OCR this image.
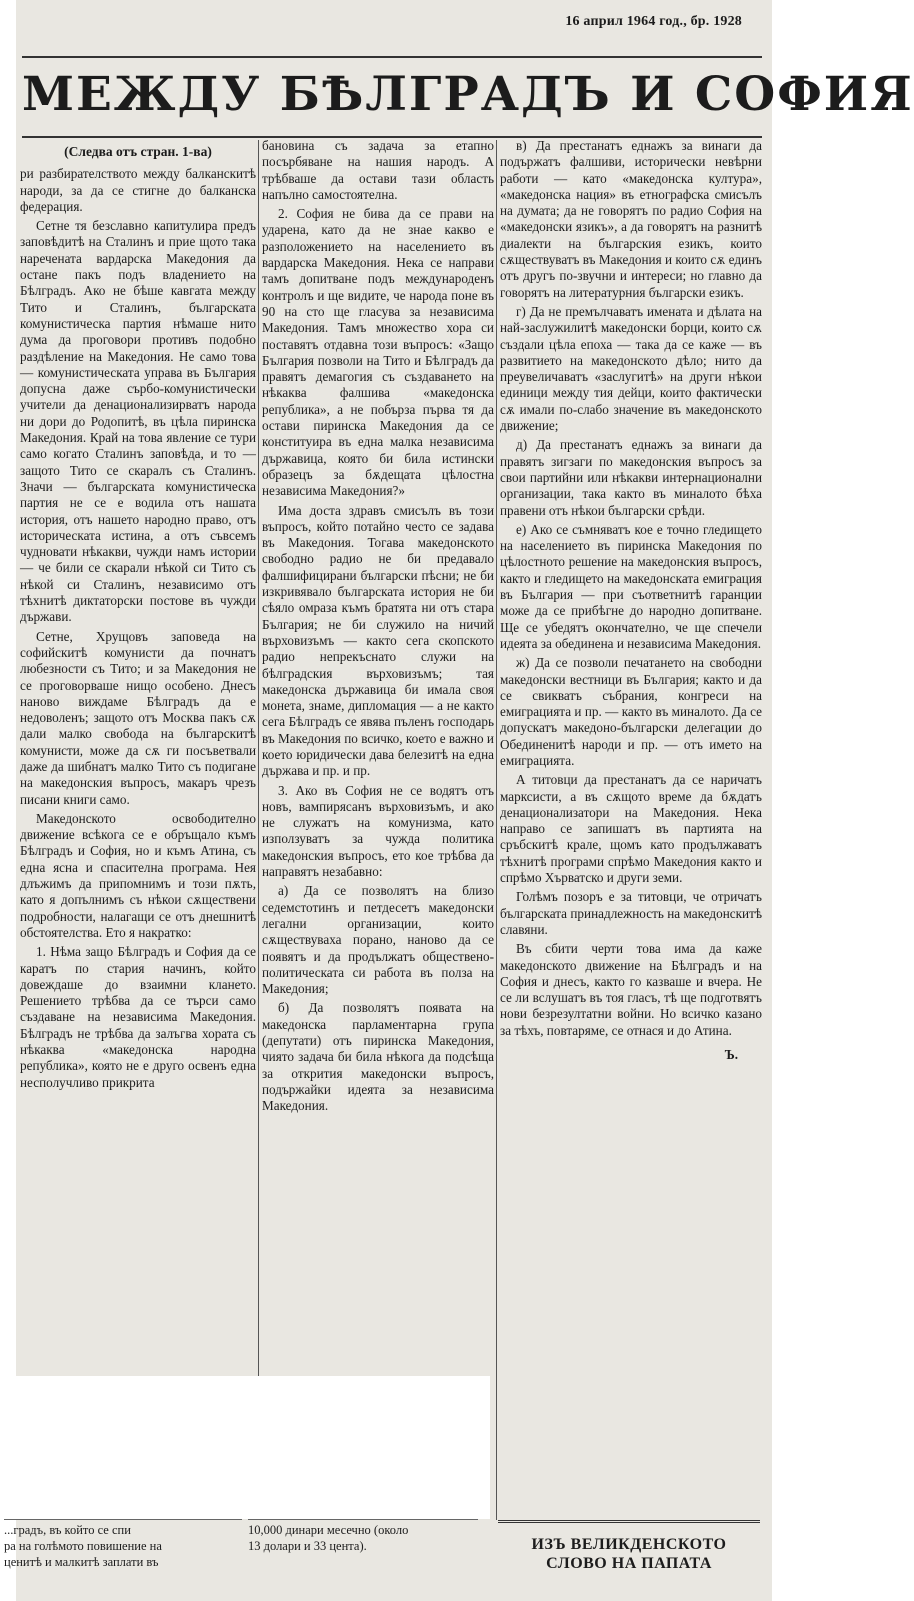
16 април 1964 год., бр. 1928
МЕЖДУ БѢЛГРАДЪ И СОФИЯ
(Следва отъ стран. 1-ва)

ри разбирателството между балканскитѣ народи, за да се стигне до балканска федерация.

Сетне тя безславно капитулира предъ заповѣдитѣ на Сталинъ и прие щото така наречената вардарска Македония да остане пакъ подъ владението на Бѣлградъ. Ако не бѣше кавгата между Тито и Сталинъ, българската комунистическа партия нѣмаше нито дума да проговори противъ подобно раздѣление на Македония. Не само това — комунистическата управа въ България допусна даже сърбо-комунистически учители да денационализирватъ народа ни дори до Родопитѣ, въ цѣла пиринска Македония. Край на това явление се тури само когато Сталинъ заповѣда, и то — защото Тито се скаралъ съ Сталинъ. Значи — българската комунистическа партия не се е водила отъ нашата история, отъ нашето народно право, отъ историческата истина, а отъ съвсемъ чудновати нѣкакви, чужди намъ истории — че били се скарали нѣкой си Тито съ нѣкой си Сталинъ, независимо отъ тѣхнитѣ диктаторски постове въ чужди държави.

Сетне, Хрущовъ заповеда на софийскитѣ комунисти да почнатъ любезности съ Тито; и за Македония не се проговорваше нищо особено. Днесъ наново виждаме Бѣлградъ да е недоволенъ; защото отъ Москва пакъ сѫ дали малко свобода на българскитѣ комунисти, може да сѫ ги посъветвали даже да шибнатъ малко Тито съ подигане на македонския въпросъ, макаръ чрезъ писани книги само.

Македонското освободително движение всѣкога се е обръщало къмъ Бѣлградъ и София, но и къмъ Атина, съ една ясна и спасителна програма. Нея длъжимъ да припомнимъ и този пѫть, като я допълнимъ съ нѣкои сѫществени подробности, налагащи се отъ днешнитѣ обстоятелства. Ето я накратко:

1. Нѣма защо Бѣлградъ и София да се каратъ по стария начинъ, който довеждаше до взаимни клането. Решението трѣбва да се търси само създаване на независима Македония. Бѣлградъ не трѣбва да залъгва хората съ нѣкаква «македонска народна република», която не е друго освенъ една несполучливо прикрита

бановина съ задача за етапно посърбяване на нашия народъ. А трѣбваше да остави тази область напълно самостоятелна.

2. София не бива да се прави на ударена, като да не знае какво е разположението на населението въ вардарска Македония. Нека се направи тамъ допитване подъ международенъ контролъ и ще видите, че народа поне въ 90 на сто ще гласува за независима Македония. Тамъ множество хора си поставятъ отдавна този въпросъ: «Защо България позволи на Тито и Бѣлградъ да правятъ демагогия съ създаването на нѣкаква фалшива «македонска република», а не побърза първа тя да остави пиринска Македония да се конституира въ една малка независима държавица, която би била истински образецъ за бѫдещата цѣлостна независима Македония?»

Има доста здравъ смисълъ въ този въпросъ, който потайно често се задава въ Македония. Тогава македонското свободно радио не би предавало фалшифицирани български пѣсни; не би изкривявало българската история не би сѣяло омраза къмъ братята ни отъ стара България; не би служило на ничий върховизъмъ — както сега скопското радио непрекъснато служи на бѣлградския върховизъмъ; тая македонска държавица би имала своя монета, знаме, дипломация — а не както сега Бѣлградъ се явява пъленъ господарь въ Македония по всичко, което е важно и което юридически дава белезитѣ на една държава и пр. и пр.

3. Ако въ София не се водятъ отъ новъ, вампирясанъ върховизъмъ, и ако не служатъ на комунизма, като използуватъ за чужда политика македонския въпросъ, ето кое трѣбва да направятъ незабавно:

а) Да се позволятъ на близо седемстотинъ и петдесетъ македонски легални организации, които сѫществуваха порано, наново да се появятъ и да продължатъ обществено-политическата си работа въ полза на Македония;

б) Да позволятъ появата на македонска парламентарна група (депутати) отъ пиринска Македония, чиято задача би била нѣкога да подсѣща за открития македонски въпросъ, подържайки идеята за независима Македония.

в) Да престанатъ еднажъ за винаги да подържатъ фалшиви, исторически невѣрни работи — като «македонска култура», «македонска нация» въ етнографска смисълъ на думата; да не говорятъ по радио София на «македонски язикъ», а да говорятъ на разнитѣ диалекти на българския езикъ, които сѫществуватъ въ Македония и които сѫ единъ отъ другъ по-звучни и интереси; но главно да говорятъ на литературния български езикъ.

г) Да не премълчаватъ имената и дѣлата на най-заслужилитѣ македонски борци, които сѫ създали цѣла епоха — така да се каже — въ развитието на македонското дѣло; нито да преувеличаватъ «заслугитѣ» на други нѣкои единици между тия дейци, които фактически сѫ имали по-слабо значение въ македонското движение;

д) Да престанатъ еднажъ за винаги да правятъ зигзаги по македонския въпросъ за свои партийни или нѣкакви интернационални организации, така както въ миналото бѣха правени отъ нѣкои български срѣди.

е) Ако се съмняватъ кое е точно гледището на населението въ пиринска Македония по цѣлостното решение на македонския въпросъ, както и гледището на македонската емиграция въ България — при съответнитѣ гаранции може да се прибѣгне до народно допитване. Ще се убедятъ окончателно, че ще спечели идеята за обединена и независима Македония.

ж) Да се позволи печатането на свободни македонски вестници въ България; както и да се свикватъ събрания, конгреси на емиграцията и пр. — както въ миналото. Да се допускатъ македоно-български делегации до Обединенитѣ народи и пр. — отъ името на емиграцията.

А титовци да престанатъ да се наричатъ марксисти, а въ сѫщото време да бѫдатъ денационализатори на Македония. Нека направо се запишатъ въ партията на сръбскитѣ крале, щомъ като продължаватъ тѣхнитѣ програми спрѣмо Македония както и спрѣмо Хърватско и други земи.

Голѣмъ позоръ е за титовци, че отричатъ българската принадлежность на македонскитѣ славяни.

Въ сбити черти това има да каже македонското движение на Бѣлградъ и на София и днесъ, както го казваше и вчера. Не се ли вслушатъ въ тоя гласъ, тѣ ще подготвятъ нови безрезултатни войни. Но всичко казано за тѣхъ, повтаряме, се отнася и до Атина.

Ъ.
...градъ, въ който се спи
ра на голѣмото повишение на
ценитѣ и малкитѣ заплати въ
10,000 динари месечно (около
13 долари и 33 цента).	ИЗЪ ВЕЛИКДЕНСКОТО
СЛОВО НА ПАПАТА
